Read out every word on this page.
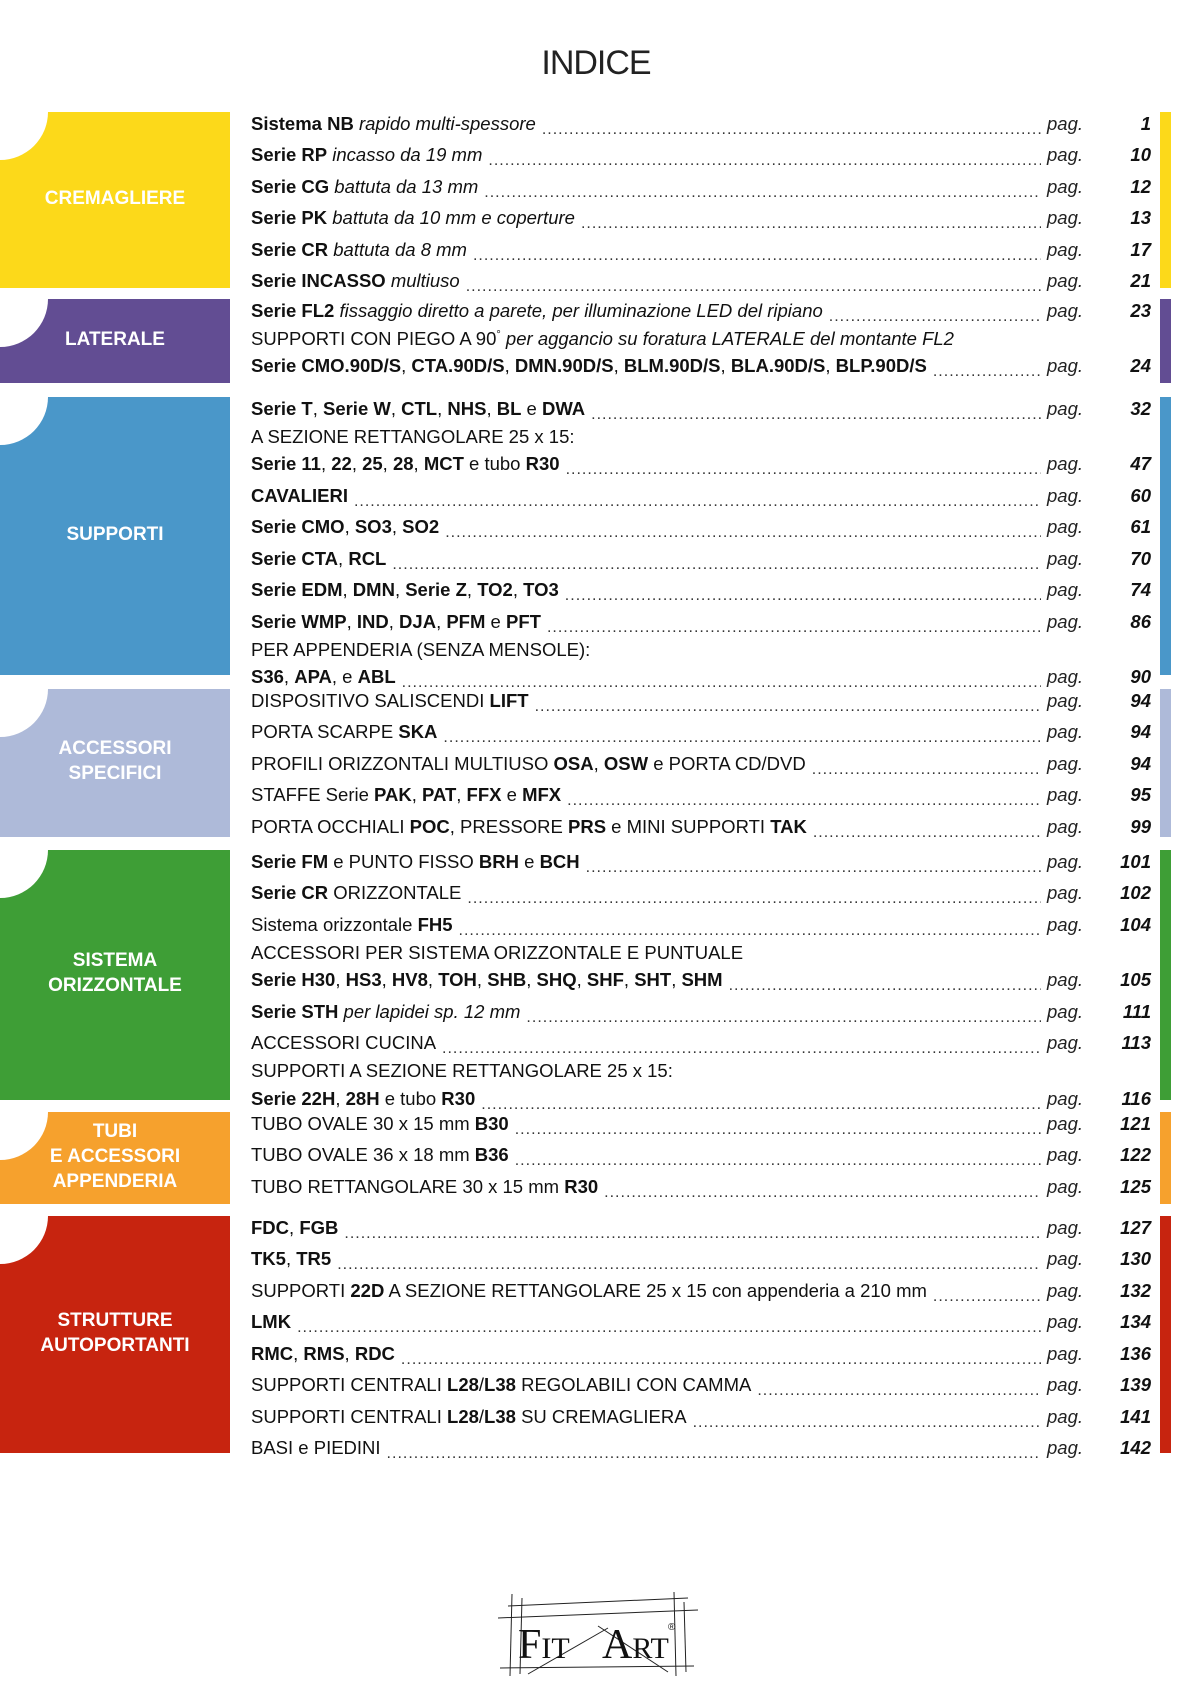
INDICE
CREMAGLIERE
Sistema NB rapido multi-spessore .....	pag.	1
Serie RP incasso da 19 mm .....	pag.	10
Serie CG battuta da 13 mm .....	pag.	12
Serie PK battuta da 10 mm e coperture .....	pag.	13
Serie CR battuta da 8 mm .....	pag.	17
Serie INCASSO multiuso .....	pag.	21
LATERALE
Serie FL2 fissaggio diretto a parete, per illuminazione LED del ripiano .....	pag.	23
SUPPORTI CON PIEGO A 90° per aggancio su foratura LATERALE del montante FL2
Serie CMO.90D/S, CTA.90D/S, DMN.90D/S, BLM.90D/S, BLA.90D/S, BLP.90D/S .....	pag.	24
SUPPORTI
Serie T, Serie W, CTL, NHS, BL e DWA .....	pag.	32
A SEZIONE RETTANGOLARE 25 x 15:
Serie 11, 22, 25, 28, MCT e tubo R30 .....	pag.	47
CAVALIERI .....	pag.	60
Serie CMO, SO3, SO2 .....	pag.	61
Serie CTA, RCL .....	pag.	70
Serie EDM, DMN, Serie Z, TO2, TO3 .....	pag.	74
Serie WMP, IND, DJA, PFM e PFT .....	pag.	86
PER APPENDERIA (SENZA MENSOLE):
S36, APA, e ABL .....	pag.	90
ACCESSORI
SPECIFICI
DISPOSITIVO SALISCENDI LIFT .....	pag.	94
PORTA SCARPE SKA .....	pag.	94
PROFILI ORIZZONTALI MULTIUSO OSA, OSW e PORTA CD/DVD .....	pag.	94
STAFFE Serie PAK, PAT, FFX e MFX .....	pag.	95
PORTA OCCHIALI POC, PRESSORE PRS e MINI SUPPORTI TAK .....	pag.	99
SISTEMA
ORIZZONTALE
Serie FM e PUNTO FISSO BRH e BCH .....	pag.	101
Serie CR ORIZZONTALE .....	pag.	102
Sistema orizzontale FH5 .....	pag.	104
ACCESSORI PER SISTEMA ORIZZONTALE E PUNTUALE
Serie H30, HS3, HV8, TOH, SHB, SHQ, SHF, SHT, SHM .....	pag.	105
Serie STH per lapidei sp. 12 mm .....	pag.	111
ACCESSORI CUCINA .....	pag.	113
SUPPORTI A SEZIONE RETTANGOLARE 25 x 15:
Serie 22H, 28H e tubo R30 .....	pag.	116
TUBI
E ACCESSORI
APPENDERIA
TUBO OVALE 30 x 15 mm B30 .....	pag.	121
TUBO OVALE 36 x 18 mm B36 .....	pag.	122
TUBO RETTANGOLARE 30 x 15 mm R30 .....	pag.	125
STRUTTURE
AUTOPORTANTI
FDC, FGB .....	pag.	127
TK5, TR5 .....	pag.	130
SUPPORTI 22D A SEZIONE RETTANGOLARE 25 x 15 con appenderia a 210 mm .....	pag.	132
LMK .....	pag.	134
RMC, RMS, RDC .....	pag.	136
SUPPORTI CENTRALI L28/L38 REGOLABILI CON CAMMA .....	pag.	139
SUPPORTI CENTRALI L28/L38 SU CREMAGLIERA .....	pag.	141
BASI e PIEDINI .....	pag.	142
FIT ART
®
